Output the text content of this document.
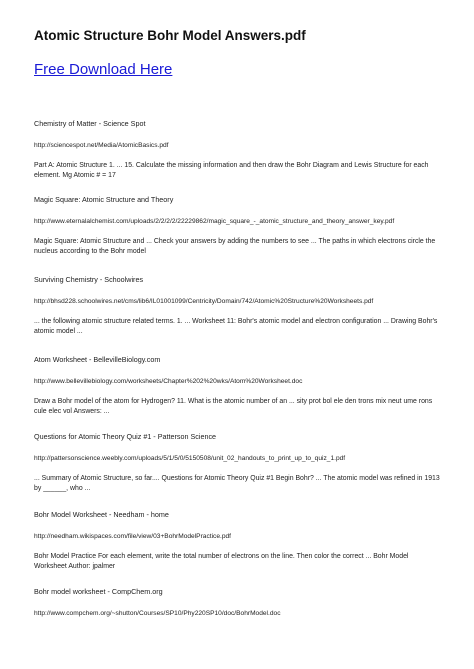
Atomic Structure Bohr Model Answers.pdf
Free Download Here
Chemistry of Matter - Science Spot
http://sciencespot.net/Media/AtomicBasics.pdf
Part A: Atomic Structure 1. ... 15. Calculate the missing information and then draw the Bohr Diagram and Lewis Structure for each element. Mg Atomic # = 17
Magic Square: Atomic Structure and Theory
http://www.eternalalchemist.com/uploads/2/2/2/2/22229862/magic_square_-_atomic_structure_and_theory_answer_key.pdf
Magic Square: Atomic Structure and ... Check your answers by adding the numbers to see ... The paths in which electrons circle the nucleus according to the Bohr model
Surviving Chemistry - Schoolwires
http://bhsd228.schoolwires.net/cms/lib6/IL01001099/Centricity/Domain/742/Atomic%20Structure%20Worksheets.pdf
... the following atomic structure related terms. 1. ... Worksheet 11: Bohr's atomic model and electron configuration ... Drawing Bohr's atomic model ...
Atom Worksheet - BellevilleBiology.com
http://www.bellevillebiology.com/worksheets/Chapter%202%20wks/Atom%20Worksheet.doc
Draw a Bohr model of the atom for Hydrogen? 11. What is the atomic number of an ... sity prot bol ele den trons mix neut ume rons cule elec vol Answers: ...
Questions for Atomic Theory Quiz #1 - Patterson Science
http://pattersonscience.weebly.com/uploads/5/1/5/0/5150508/unit_02_handouts_to_print_up_to_quiz_1.pdf
... Summary of Atomic Structure, so far.... Questions for Atomic Theory Quiz #1 Begin Bohr? ... The atomic model was refined in 1913 by ______, who ...
Bohr Model Worksheet - Needham - home
http://needham.wikispaces.com/file/view/03+BohrModelPractice.pdf
Bohr Model Practice For each element, write the total number of electrons on the line. Then color the correct ... Bohr Model Worksheet Author: jpalmer
Bohr model worksheet - CompChem.org
http://www.compchem.org/~shutton/Courses/SP10/Phy220SP10/doc/BohrModel.doc
